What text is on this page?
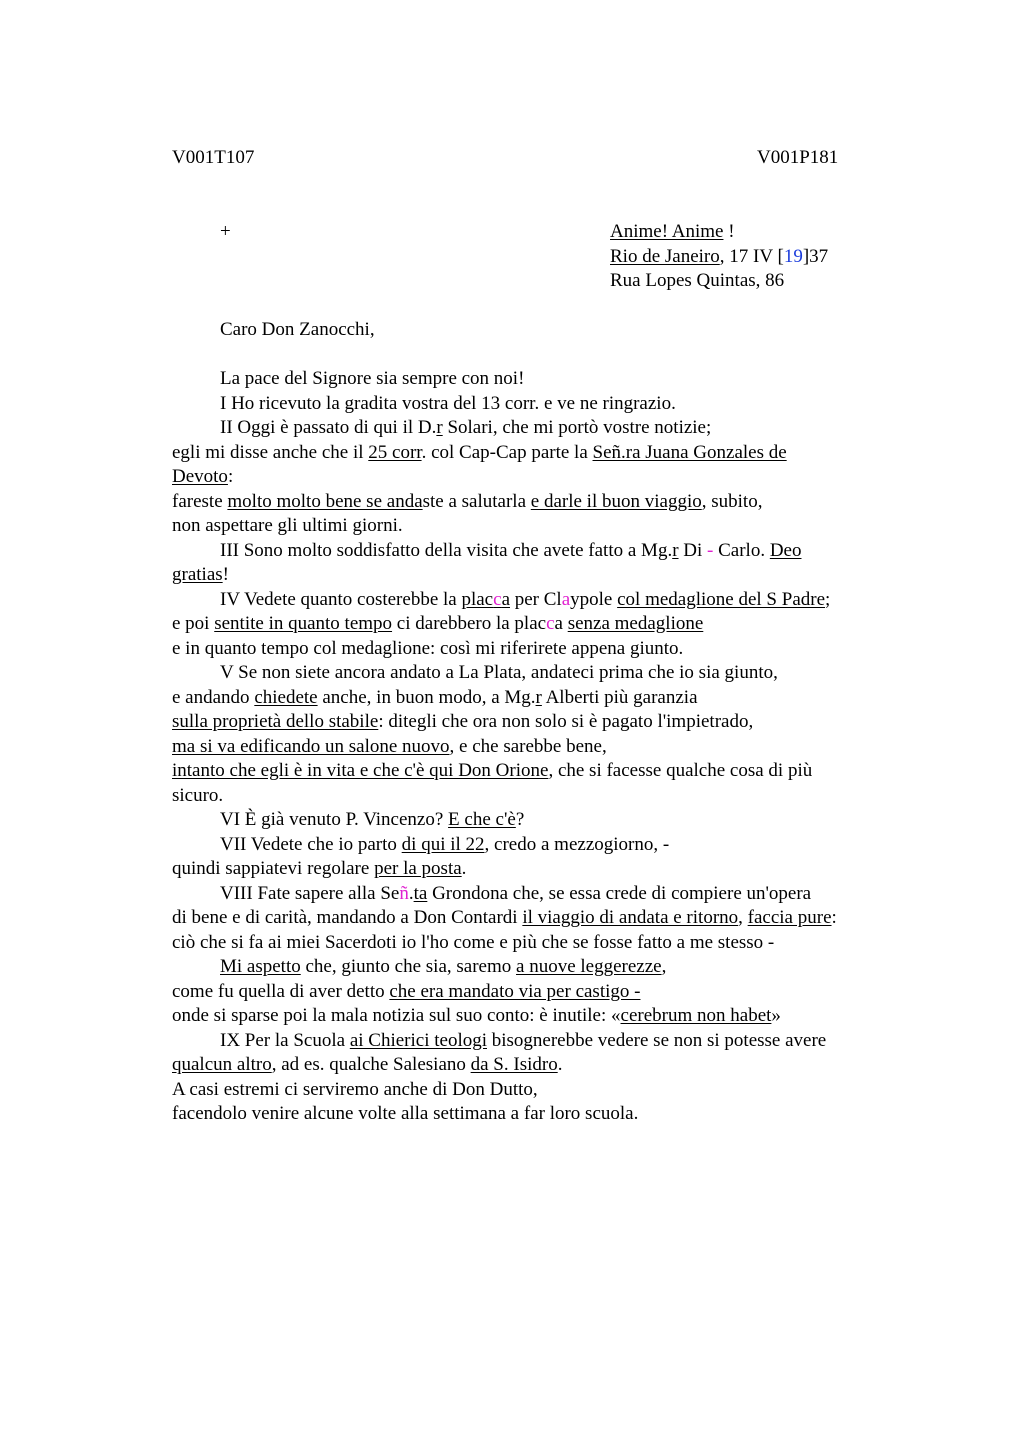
V001T107	V001P181
+	Anime! Anime !
Rio de Janeiro, 17 IV [19]37
Rua Lopes Quintas, 86
Caro Don Zanocchi,
La pace del Signore sia sempre con noi!
I Ho ricevuto la gradita vostra del 13 corr. e ve ne ringrazio.
II Oggi è passato di qui il D.r Solari, che mi portò vostre notizie;
egli mi disse anche che il 25 corr. col Cap-Cap parte la Señ.ra Juana Gonzales de
Devoto:
fareste molto molto bene se andaste a salutarla e darle il buon viaggio, subito,
non aspettare gli ultimi giorni.
III Sono molto soddisfatto della visita che avete fatto a Mg.r Di - Carlo. Deo
gratias!
IV Vedete quanto costerebbe la placca per Claypole col medaglione del S Padre;
e poi sentite in quanto tempo ci darebbero la placca senza medaglione
e in quanto tempo col medaglione: così mi riferirete appena giunto.
V Se non siete ancora andato a La Plata, andateci prima che io sia giunto,
e andando chiedete anche, in buon modo, a Mg.r Alberti più garanzia
sulla proprietà dello stabile: ditegli che ora non solo si è pagato l'impietrado,
ma si va edificando un salone nuovo, e che sarebbe bene,
intanto che egli è in vita e che c'è qui Don Orione, che si facesse qualche cosa di più
sicuro.
VI È già venuto P. Vincenzo? E che c'è?
VII Vedete che io parto di qui il 22, credo a mezzogiorno, -
quindi sappiatevi regolare per la posta.
VIII Fate sapere alla Señ.ta Grondona che, se essa crede di compiere un'opera
di bene e di carità, mandando a Don Contardi il viaggio di andata e ritorno, faccia pure:
ciò che si fa ai miei Sacerdoti io l'ho come e più che se fosse fatto a me stesso -
Mi aspetto che, giunto che sia, saremo a nuove leggerezze,
come fu quella di aver detto che era mandato via per castigo -
onde si sparse poi la mala notizia sul suo conto: è inutile: «cerebrum non habet»
IX Per la Scuola ai Chierici teologi bisognerebbe vedere se non si potesse avere
qualcun altro, ad es. qualche Salesiano da S. Isidro.
A casi estremi ci serviremo anche di Don Dutto,
facendolo venire alcune volte alla settimana a far loro scuola.
